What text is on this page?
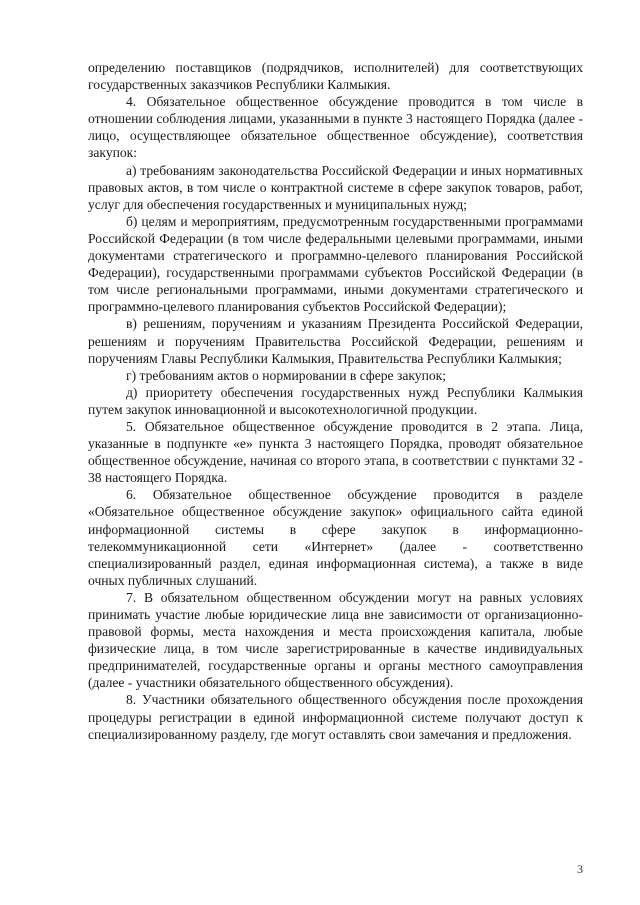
определению поставщиков (подрядчиков, исполнителей) для соответствующих государственных заказчиков Республики Калмыкия.

4. Обязательное общественное обсуждение проводится в том числе в отношении соблюдения лицами, указанными в пункте 3 настоящего Порядка (далее - лицо, осуществляющее обязательное общественное обсуждение), соответствия закупок:

а) требованиям законодательства Российской Федерации и иных нормативных правовых актов, в том числе о контрактной системе в сфере закупок товаров, работ, услуг для обеспечения государственных и муниципальных нужд;

б) целям и мероприятиям, предусмотренным государственными программами Российской Федерации (в том числе федеральными целевыми программами, иными документами стратегического и программно-целевого планирования Российской Федерации), государственными программами субъектов Российской Федерации (в том числе региональными программами, иными документами стратегического и программно-целевого планирования субъектов Российской Федерации);

в) решениям, поручениям и указаниям Президента Российской Федерации, решениям и поручениям Правительства Российской Федерации, решениям и поручениям Главы Республики Калмыкия, Правительства Республики Калмыкия;

г) требованиям актов о нормировании в сфере закупок;

д) приоритету обеспечения государственных нужд Республики Калмыкия путем закупок инновационной и высокотехнологичной продукции.

5. Обязательное общественное обсуждение проводится в 2 этапа. Лица, указанные в подпункте «е» пункта 3 настоящего Порядка, проводят обязательное общественное обсуждение, начиная со второго этапа, в соответствии с пунктами 32 - 38 настоящего Порядка.

6. Обязательное общественное обсуждение проводится в разделе «Обязательное общественное обсуждение закупок» официального сайта единой информационной системы в сфере закупок в информационно-телекоммуникационной сети «Интернет» (далее - соответственно специализированный раздел, единая информационная система), а также в виде очных публичных слушаний.

7. В обязательном общественном обсуждении могут на равных условиях принимать участие любые юридические лица вне зависимости от организационно-правовой формы, места нахождения и места происхождения капитала, любые физические лица, в том числе зарегистрированные в качестве индивидуальных предпринимателей, государственные органы и органы местного самоуправления (далее - участники обязательного общественного обсуждения).

8. Участники обязательного общественного обсуждения после прохождения процедуры регистрации в единой информационной системе получают доступ к специализированному разделу, где могут оставлять свои замечания и предложения.

3
